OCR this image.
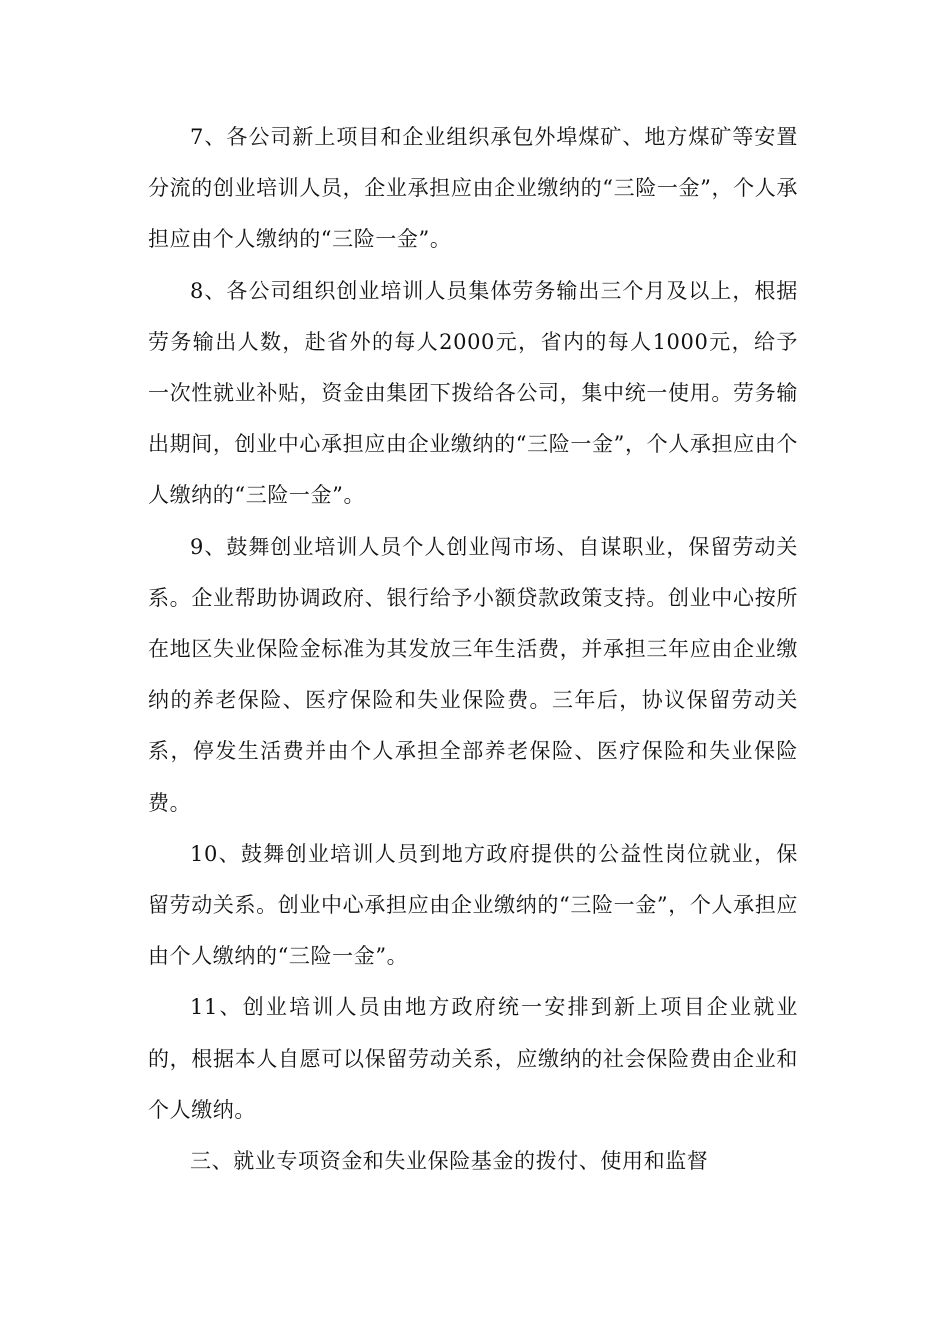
7、各公司新上项目和企业组织承包外埠煤矿、地方煤矿等安置分流的创业培训人员，企业承担应由企业缴纳的“三险一金”，个人承担应由个人缴纳的“三险一金”。

8、各公司组织创业培训人员集体劳务输出三个月及以上，根据劳务输出人数，赴省外的每人2000元，省内的每人1000元，给予一次性就业补贴，资金由集团下拨给各公司，集中统一使用。劳务输出期间，创业中心承担应由企业缴纳的“三险一金”，个人承担应由个人缴纳的“三险一金”。

9、鼓舞创业培训人员个人创业闯市场、自谋职业，保留劳动关系。企业帮助协调政府、银行给予小额贷款政策支持。创业中心按所在地区失业保险金标准为其发放三年生活费，并承担三年应由企业缴纳的养老保险、医疗保险和失业保险费。三年后，协议保留劳动关系，停发生活费并由个人承担全部养老保险、医疗保险和失业保险费。

10、鼓舞创业培训人员到地方政府提供的公益性岗位就业，保留劳动关系。创业中心承担应由企业缴纳的“三险一金”，个人承担应由个人缴纳的“三险一金”。

11、创业培训人员由地方政府统一安排到新上项目企业就业的，根据本人自愿可以保留劳动关系，应缴纳的社会保险费由企业和个人缴纳。

三、就业专项资金和失业保险基金的拨付、使用和监督
